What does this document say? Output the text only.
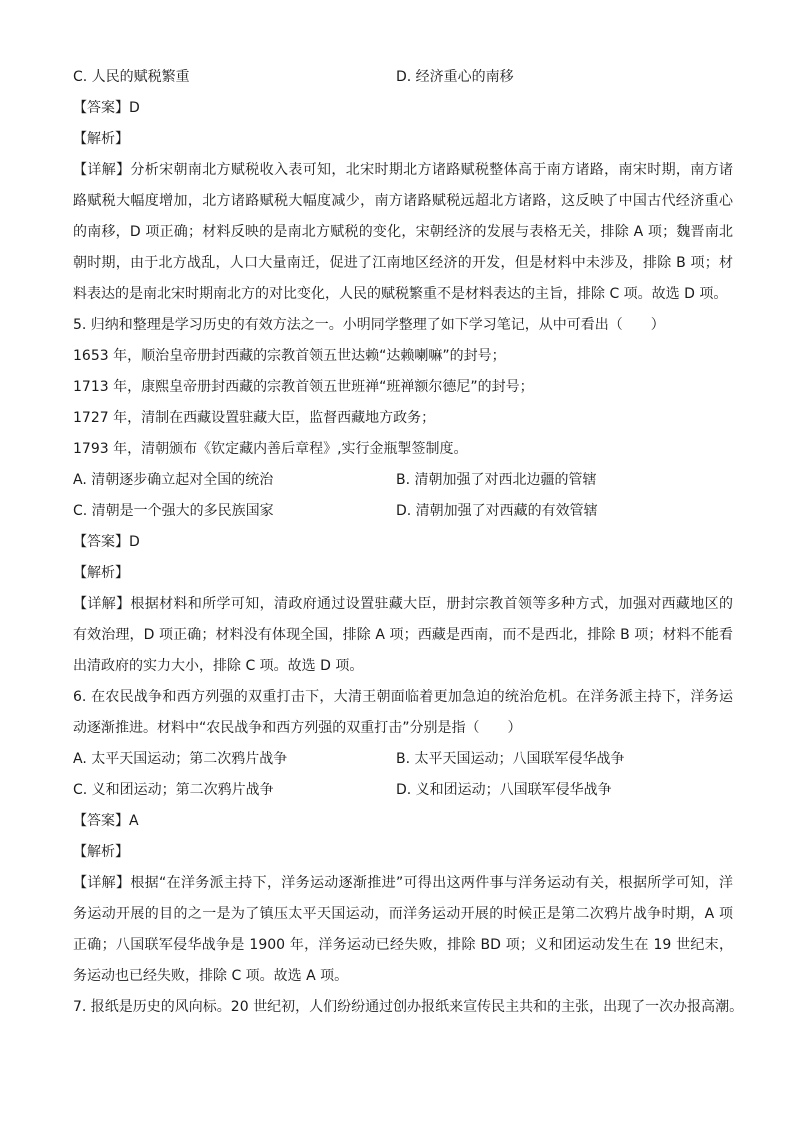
C. 人民的赋税繁重	D. 经济重心的南移
【答案】D
【解析】
【详解】分析宋朝南北方赋税收入表可知，北宋时期北方诸路赋税整体高于南方诸路，南宋时期，南方诸
路赋税大幅度增加，北方诸路赋税大幅度减少，南方诸路赋税远超北方诸路，这反映了中国古代经济重心
的南移，D 项正确；材料反映的是南北方赋税的变化，宋朝经济的发展与表格无关，排除 A 项；魏晋南北
朝时期，由于北方战乱，人口大量南迁，促进了江南地区经济的开发，但是材料中未涉及，排除 B 项；材
料表达的是南北宋时期南北方的对比变化，人民的赋税繁重不是材料表达的主旨，排除 C 项。故选 D 项。
5. 归纳和整理是学习历史的有效方法之一。小明同学整理了如下学习笔记，从中可看出（　　）
1653 年，顺治皇帝册封西藏的宗教首领五世达赖“达赖喇嘛”的封号；
1713 年，康熙皇帝册封西藏的宗教首领五世班禅“班禅额尔德尼”的封号；
1727 年，清制在西藏设置驻藏大臣，监督西藏地方政务；
1793 年，清朝颁布《钦定藏内善后章程》,实行金瓶掣签制度。
A. 清朝逐步确立起对全国的统治	B. 清朝加强了对西北边疆的管辖
C. 清朝是一个强大的多民族国家	D. 清朝加强了对西藏的有效管辖
【答案】D
【解析】
【详解】根据材料和所学可知，清政府通过设置驻藏大臣，册封宗教首领等多种方式，加强对西藏地区的
有效治理，D 项正确；材料没有体现全国，排除 A 项；西藏是西南，而不是西北，排除 B 项；材料不能看
出清政府的实力大小，排除 C 项。故选 D 项。
6. 在农民战争和西方列强的双重打击下，大清王朝面临着更加急迫的统治危机。在洋务派主持下，洋务运
动逐渐推进。材料中“农民战争和西方列强的双重打击”分别是指（　　）
A. 太平天国运动；第二次鸦片战争	B. 太平天国运动；八国联军侵华战争
C. 义和团运动；第二次鸦片战争	D. 义和团运动；八国联军侵华战争
【答案】A
【解析】
【详解】根据“在洋务派主持下，洋务运动逐渐推进”可得出这两件事与洋务运动有关，根据所学可知，洋
务运动开展的目的之一是为了镇压太平天国运动，而洋务运动开展的时候正是第二次鸦片战争时期，A 项
正确；八国联军侵华战争是 1900 年，洋务运动已经失败，排除 BD 项；义和团运动发生在 19 世纪末，
务运动也已经失败，排除 C 项。故选 A 项。
7. 报纸是历史的风向标。20 世纪初，人们纷纷通过创办报纸来宣传民主共和的主张，出现了一次办报高潮。
